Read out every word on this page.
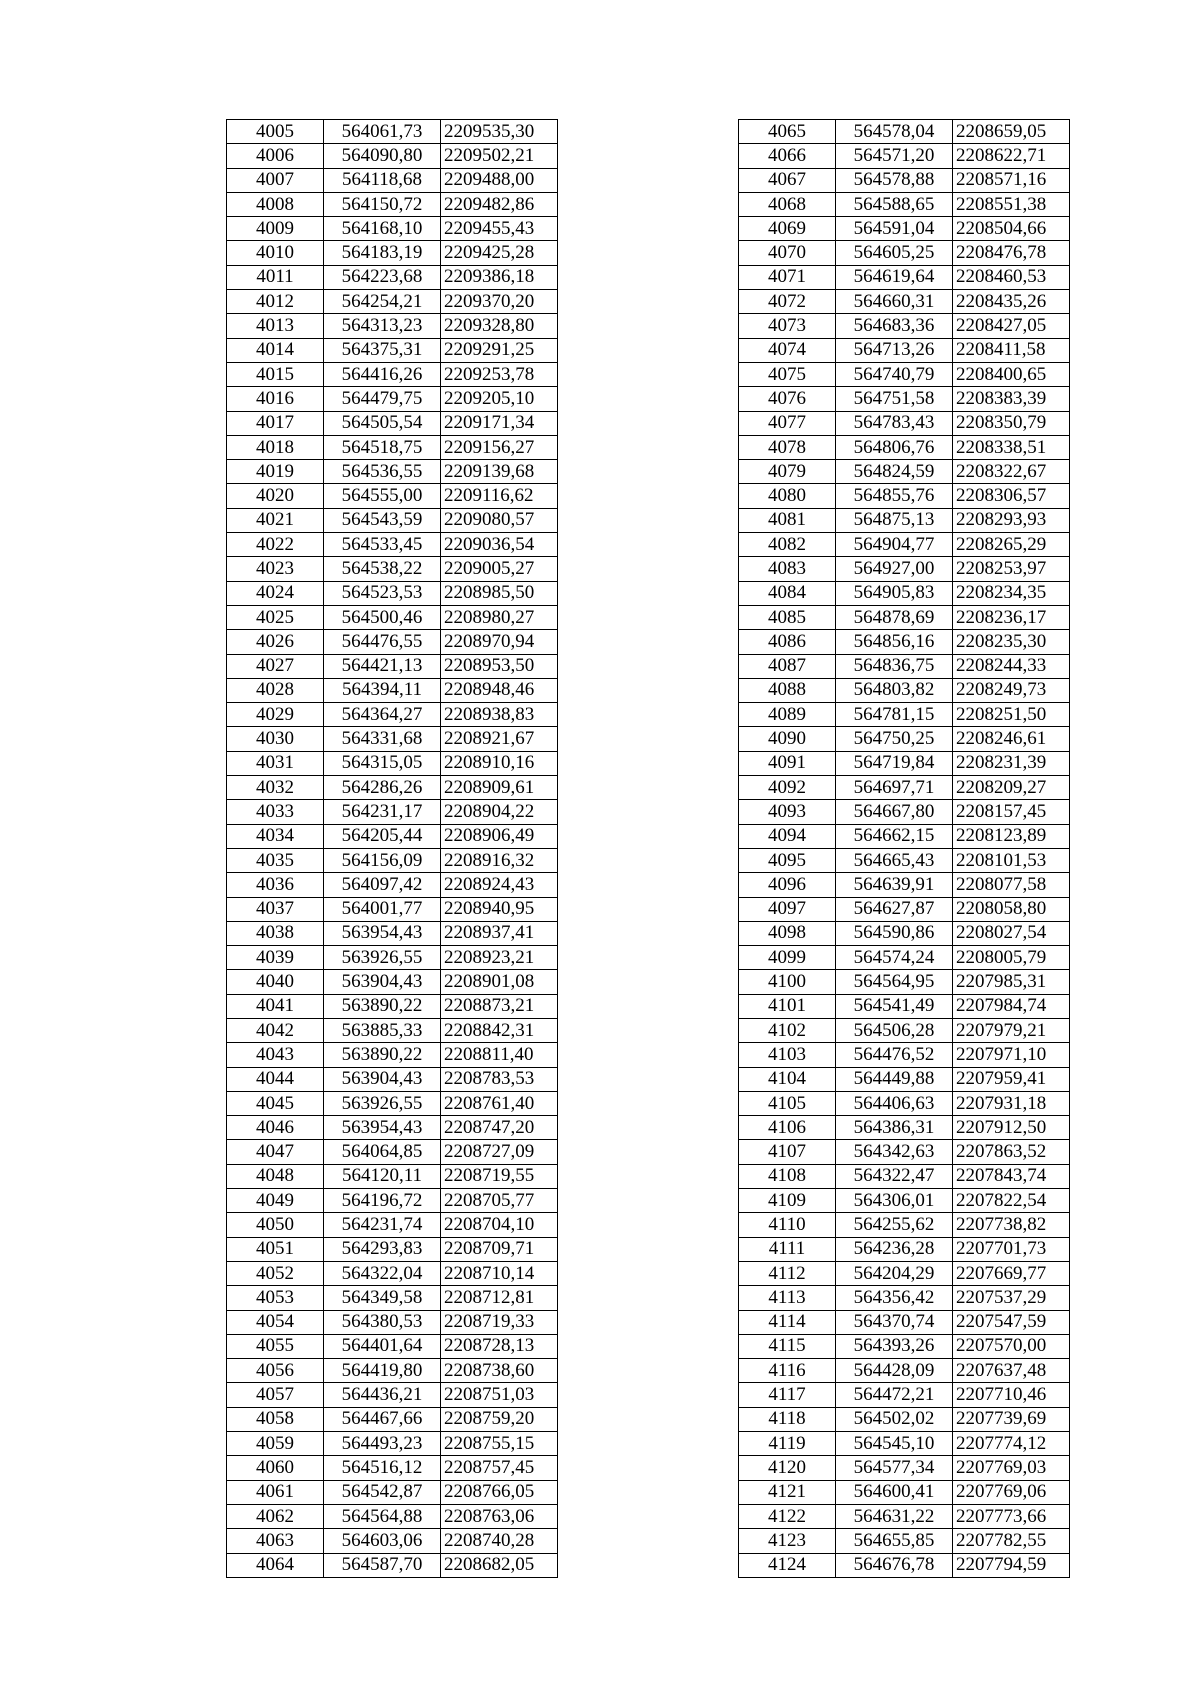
4005	564061,73	2209535,30
4006	564090,80	2209502,21
4007	564118,68	2209488,00
4008	564150,72	2209482,86
4009	564168,10	2209455,43
4010	564183,19	2209425,28
4011	564223,68	2209386,18
4012	564254,21	2209370,20
4013	564313,23	2209328,80
4014	564375,31	2209291,25
4015	564416,26	2209253,78
4016	564479,75	2209205,10
4017	564505,54	2209171,34
4018	564518,75	2209156,27
4019	564536,55	2209139,68
4020	564555,00	2209116,62
4021	564543,59	2209080,57
4022	564533,45	2209036,54
4023	564538,22	2209005,27
4024	564523,53	2208985,50
4025	564500,46	2208980,27
4026	564476,55	2208970,94
4027	564421,13	2208953,50
4028	564394,11	2208948,46
4029	564364,27	2208938,83
4030	564331,68	2208921,67
4031	564315,05	2208910,16
4032	564286,26	2208909,61
4033	564231,17	2208904,22
4034	564205,44	2208906,49
4035	564156,09	2208916,32
4036	564097,42	2208924,43
4037	564001,77	2208940,95
4038	563954,43	2208937,41
4039	563926,55	2208923,21
4040	563904,43	2208901,08
4041	563890,22	2208873,21
4042	563885,33	2208842,31
4043	563890,22	2208811,40
4044	563904,43	2208783,53
4045	563926,55	2208761,40
4046	563954,43	2208747,20
4047	564064,85	2208727,09
4048	564120,11	2208719,55
4049	564196,72	2208705,77
4050	564231,74	2208704,10
4051	564293,83	2208709,71
4052	564322,04	2208710,14
4053	564349,58	2208712,81
4054	564380,53	2208719,33
4055	564401,64	2208728,13
4056	564419,80	2208738,60
4057	564436,21	2208751,03
4058	564467,66	2208759,20
4059	564493,23	2208755,15
4060	564516,12	2208757,45
4061	564542,87	2208766,05
4062	564564,88	2208763,06
4063	564603,06	2208740,28
4064	564587,70	2208682,05
4065	564578,04	2208659,05
4066	564571,20	2208622,71
4067	564578,88	2208571,16
4068	564588,65	2208551,38
4069	564591,04	2208504,66
4070	564605,25	2208476,78
4071	564619,64	2208460,53
4072	564660,31	2208435,26
4073	564683,36	2208427,05
4074	564713,26	2208411,58
4075	564740,79	2208400,65
4076	564751,58	2208383,39
4077	564783,43	2208350,79
4078	564806,76	2208338,51
4079	564824,59	2208322,67
4080	564855,76	2208306,57
4081	564875,13	2208293,93
4082	564904,77	2208265,29
4083	564927,00	2208253,97
4084	564905,83	2208234,35
4085	564878,69	2208236,17
4086	564856,16	2208235,30
4087	564836,75	2208244,33
4088	564803,82	2208249,73
4089	564781,15	2208251,50
4090	564750,25	2208246,61
4091	564719,84	2208231,39
4092	564697,71	2208209,27
4093	564667,80	2208157,45
4094	564662,15	2208123,89
4095	564665,43	2208101,53
4096	564639,91	2208077,58
4097	564627,87	2208058,80
4098	564590,86	2208027,54
4099	564574,24	2208005,79
4100	564564,95	2207985,31
4101	564541,49	2207984,74
4102	564506,28	2207979,21
4103	564476,52	2207971,10
4104	564449,88	2207959,41
4105	564406,63	2207931,18
4106	564386,31	2207912,50
4107	564342,63	2207863,52
4108	564322,47	2207843,74
4109	564306,01	2207822,54
4110	564255,62	2207738,82
4111	564236,28	2207701,73
4112	564204,29	2207669,77
4113	564356,42	2207537,29
4114	564370,74	2207547,59
4115	564393,26	2207570,00
4116	564428,09	2207637,48
4117	564472,21	2207710,46
4118	564502,02	2207739,69
4119	564545,10	2207774,12
4120	564577,34	2207769,03
4121	564600,41	2207769,06
4122	564631,22	2207773,66
4123	564655,85	2207782,55
4124	564676,78	2207794,59
